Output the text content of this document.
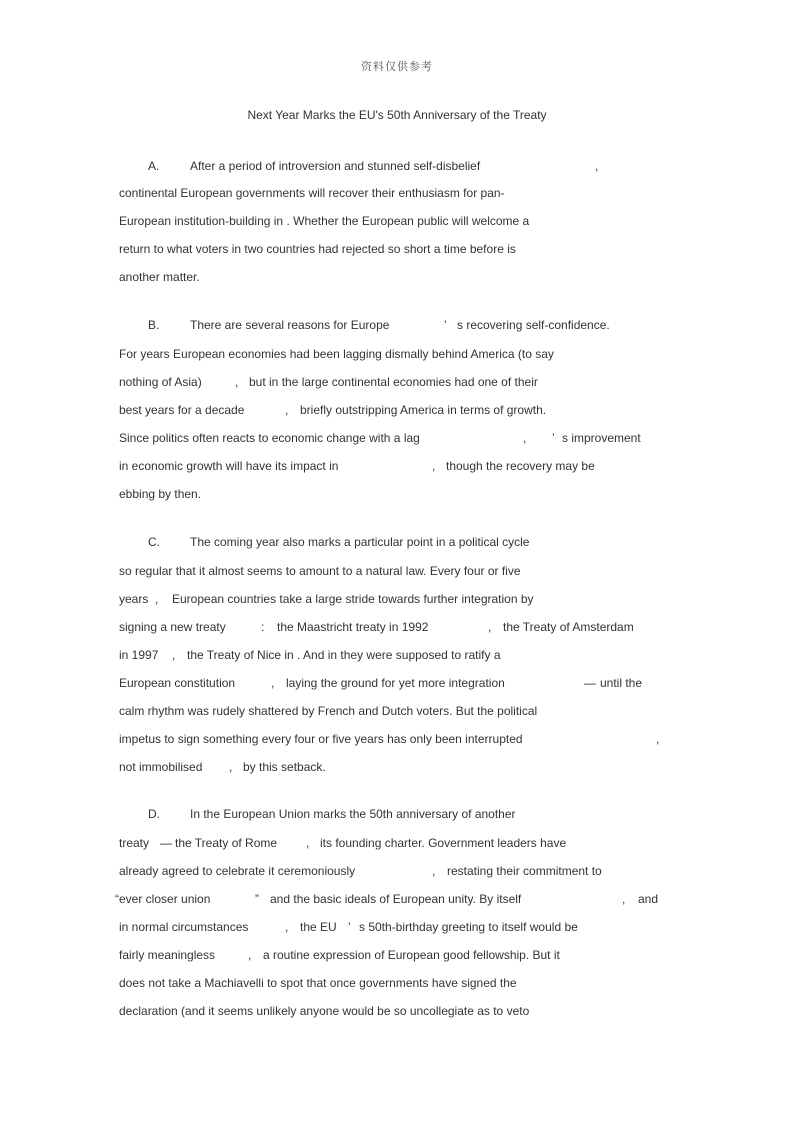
资料仅供参考
Next Year Marks the EU's 50th Anniversary of the Treaty
A.	After a period of introversion and stunned self-disbelief	,
continental European governments will recover their enthusiasm for pan-
European institution-building in . Whether the European public will welcome a
return to what voters in two countries had rejected so short a time before is
another matter.
B.	There are several reasons for Europe	’ s recovering self-confidence.
For years European economies had been lagging dismally behind America (to say
nothing of Asia)	, but in the large continental economies had one of their
best years for a decade	, briefly outstripping America in terms of growth.
Since politics often reacts to economic change with a lag	, ’ s improvement
in economic growth will have its impact in	, though the recovery may be
ebbing by then.
C.	The coming year also marks a particular point in a political cycle
so regular that it almost seems to amount to a natural law. Every four or five
years , European countries take a large stride towards further integration by
signing a new treaty	: the Maastricht treaty in 1992	, the Treaty of Amsterdam
in 1997 , the Treaty of Nice in . And in they were supposed to ratify a
European constitution	, laying the ground for yet more integration	— until the
calm rhythm was rudely shattered by French and Dutch voters. But the political
impetus to sign something every four or five years has only been interrupted	,
not immobilised , by this setback.
D.	In the European Union marks the 50th anniversary of another
treaty — the Treaty of Rome , its founding charter. Government leaders have
already agreed to celebrate it ceremoniously	, restating their commitment to
“ever closer union	” and the basic ideals of European unity. By itself	, and
in normal circumstances	, the EU ’ s 50th-birthday greeting to itself would be
fairly meaningless	, a routine expression of European good fellowship. But it
does not take a Machiavelli to spot that once governments have signed the
declaration (and it seems unlikely anyone would be so uncollegiate as to veto
